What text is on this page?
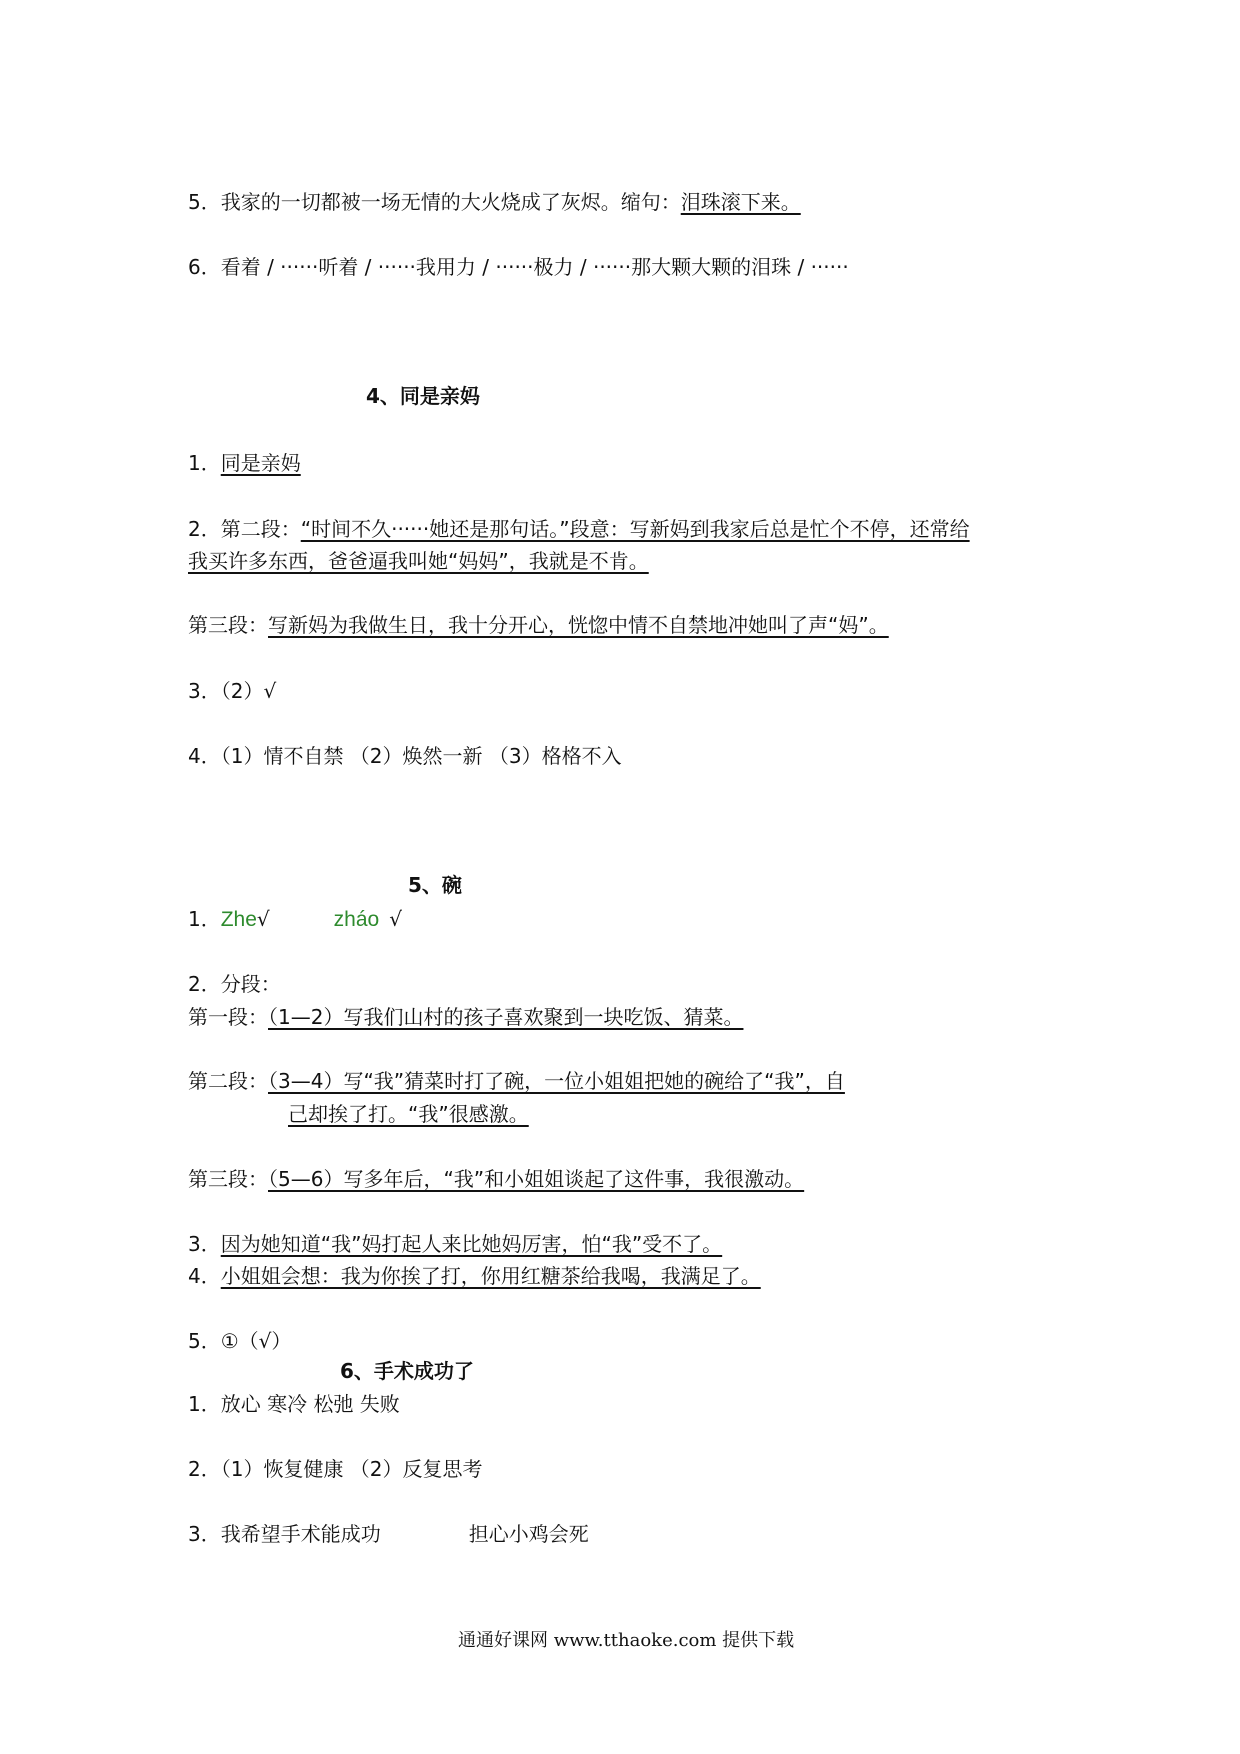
5．我家的一切都被一场无情的大火烧成了灰烬。缩句：泪珠滚下来。
6．看着 / ······听着 / ······我用力 / ······极力 / ······那大颗大颗的泪珠 / ······
4、同是亲妈
1．同是亲妈
2．第二段：“时间不久······她还是那句话。”段意：写新妈到我家后总是忙个不停，还常给
我买许多东西，爸爸逼我叫她“妈妈”，我就是不肯。
第三段：写新妈为我做生日，我十分开心，恍惚中情不自禁地冲她叫了声“妈”。
3．（2）√
4．（1）情不自禁 （2）焕然一新 （3）格格不入
5、碗
1．Zhe√	zháo √
2．分段：
第一段：（1—2）写我们山村的孩子喜欢聚到一块吃饭、猜菜。
第二段：（3—4）写“我”猜菜时打了碗，一位小姐姐把她的碗给了“我”，自
己却挨了打。“我”很感激。
第三段：（5—6）写多年后，“我”和小姐姐谈起了这件事，我很激动。
3．因为她知道“我”妈打起人来比她妈厉害，怕“我”受不了。
4．小姐姐会想：我为你挨了打，你用红糖茶给我喝，我满足了。
5．①（√）
6、手术成功了
1．放心 寒冷 松弛 失败
2．（1）恢复健康 （2）反复思考
3．我希望手术能成功	担心小鸡会死
通通好课网 www.tthaoke.com 提供下载
